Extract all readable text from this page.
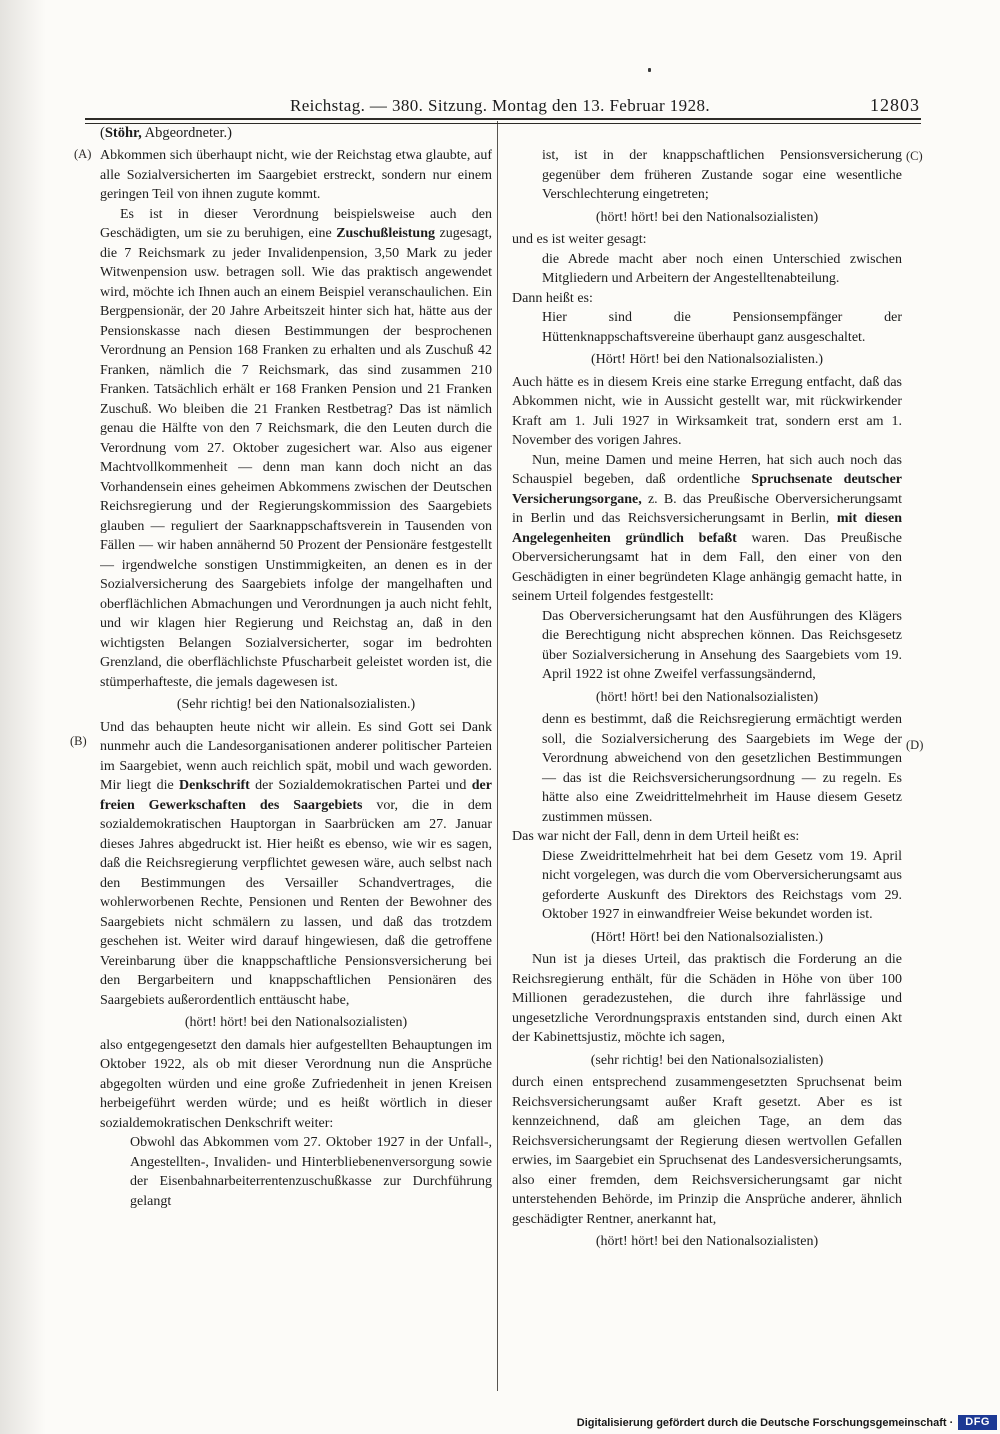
Reichstag. — 380. Sitzung. Montag den 13. Februar 1928.	12803
(Stöhr, Abgeordneter.)
(A)
(B)
(C)
(D)

Abkommen sich überhaupt nicht, wie der Reichstag etwa glaubte, auf alle Sozialversicherten im Saargebiet erstreckt, sondern nur einem geringen Teil von ihnen zugute kommt.

Es ist in dieser Verordnung beispielsweise auch den Geschädigten, um sie zu beruhigen, eine Zuschußleistung zugesagt, die 7 Reichsmark zu jeder Invalidenpension, 3,50 Mark zu jeder Witwenpension usw. betragen soll. Wie das praktisch angewendet wird, möchte ich Ihnen auch an einem Beispiel veranschaulichen. Ein Bergpensionär, der 20 Jahre Arbeitszeit hinter sich hat, hätte aus der Pensionskasse nach diesen Bestimmungen der besprochenen Verordnung an Pension 168 Franken zu erhalten und als Zuschuß 42 Franken, nämlich die 7 Reichsmark, das sind zusammen 210 Franken. Tatsächlich erhält er 168 Franken Pension und 21 Franken Zuschuß. Wo bleiben die 21 Franken Restbetrag? Das ist nämlich genau die Hälfte von den 7 Reichsmark, die den Leuten durch die Verordnung vom 27. Oktober zugesichert war. Also aus eigener Machtvollkommenheit — denn man kann doch nicht an das Vorhandensein eines geheimen Abkommens zwischen der Deutschen Reichsregierung und der Regierungskommission des Saargebiets glauben — reguliert der Saarknappschaftsverein in Tausenden von Fällen — wir haben annähernd 50 Prozent der Pensionäre festgestellt — irgendwelche sonstigen Unstimmigkeiten, an denen es in der Sozialversicherung des Saargebiets infolge der mangelhaften und oberflächlichen Abmachungen und Verordnungen ja auch nicht fehlt, und wir klagen hier Regierung und Reichstag an, daß in den wichtigsten Belangen Sozialversicherter, sogar im bedrohten Grenzland, die oberflächlichste Pfuscharbeit geleistet worden ist, die stümperhafteste, die jemals dagewesen ist.

(Sehr richtig! bei den Nationalsozialisten.)

Und das behaupten heute nicht wir allein. Es sind Gott sei Dank nunmehr auch die Landesorganisationen anderer politischer Parteien im Saargebiet, wenn auch reichlich spät, mobil und wach geworden. Mir liegt die Denkschrift der Sozialdemokratischen Partei und der freien Gewerkschaften des Saargebiets vor, die in dem sozialdemokratischen Hauptorgan in Saarbrücken am 27. Januar dieses Jahres abgedruckt ist. Hier heißt es ebenso, wie wir es sagen, daß die Reichsregierung verpflichtet gewesen wäre, auch selbst nach den Bestimmungen des Versailler Schandvertrages, die wohlerworbenen Rechte, Pensionen und Renten der Bewohner des Saargebiets nicht schmälern zu lassen, und daß das trotzdem geschehen ist. Weiter wird darauf hingewiesen, daß die getroffene Vereinbarung über die knappschaftliche Pensionsversicherung bei den Bergarbeitern und knappschaftlichen Pensionären des Saargebiets außerordentlich enttäuscht habe,

(hört! hört! bei den Nationalsozialisten)

also entgegengesetzt den damals hier aufgestellten Behauptungen im Oktober 1922, als ob mit dieser Verordnung nun die Ansprüche abgegolten würden und eine große Zufriedenheit in jenen Kreisen herbeigeführt werden würde; und es heißt wörtlich in dieser sozialdemokratischen Denkschrift weiter:

Obwohl das Abkommen vom 27. Oktober 1927 in der Unfall-, Angestellten-, Invaliden- und Hinterbliebenenversorgung sowie der Eisenbahnarbeiterrentenzuschußkasse zur Durchführung gelangt

ist, ist in der knappschaftlichen Pensionsversicherung gegenüber dem früheren Zustande sogar eine wesentliche Verschlechterung eingetreten;

(hört! hört! bei den Nationalsozialisten)

und es ist weiter gesagt:

die Abrede macht aber noch einen Unterschied zwischen Mitgliedern und Arbeitern der Angestelltenabteilung.

Dann heißt es:

Hier sind die Pensionsempfänger der Hüttenknappschaftsvereine überhaupt ganz ausgeschaltet.

(Hört! Hört! bei den Nationalsozialisten.)

Auch hätte es in diesem Kreis eine starke Erregung entfacht, daß das Abkommen nicht, wie in Aussicht gestellt war, mit rückwirkender Kraft am 1. Juli 1927 in Wirksamkeit trat, sondern erst am 1. November des vorigen Jahres.

Nun, meine Damen und meine Herren, hat sich auch noch das Schauspiel begeben, daß ordentliche Spruchsenate deutscher Versicherungsorgane, z. B. das Preußische Oberversicherungsamt in Berlin und das Reichsversicherungsamt in Berlin, mit diesen Angelegenheiten gründlich befaßt waren. Das Preußische Oberversicherungsamt hat in dem Fall, den einer von den Geschädigten in einer begründeten Klage anhängig gemacht hatte, in seinem Urteil folgendes festgestellt:

Das Oberversicherungsamt hat den Ausführungen des Klägers die Berechtigung nicht absprechen können. Das Reichsgesetz über Sozialversicherung in Ansehung des Saargebiets vom 19. April 1922 ist ohne Zweifel verfassungsändernd,

(hört! hört! bei den Nationalsozialisten)

denn es bestimmt, daß die Reichsregierung ermächtigt werden soll, die Sozialversicherung des Saargebiets im Wege der Verordnung abweichend von den gesetzlichen Bestimmungen — das ist die Reichsversicherungsordnung — zu regeln. Es hätte also eine Zweidrittelmehrheit im Hause diesem Gesetz zustimmen müssen.

Das war nicht der Fall, denn in dem Urteil heißt es:

Diese Zweidrittelmehrheit hat bei dem Gesetz vom 19. April nicht vorgelegen, was durch die vom Oberversicherungsamt aus geforderte Auskunft des Direktors des Reichstags vom 29. Oktober 1927 in einwandfreier Weise bekundet worden ist.

(Hört! Hört! bei den Nationalsozialisten.)

Nun ist ja dieses Urteil, das praktisch die Forderung an die Reichsregierung enthält, für die Schäden in Höhe von über 100 Millionen geradezustehen, die durch ihre fahrlässige und ungesetzliche Verordnungspraxis entstanden sind, durch einen Akt der Kabinettsjustiz, möchte ich sagen,

(sehr richtig! bei den Nationalsozialisten)

durch einen entsprechend zusammengesetzten Spruchsenat beim Reichsversicherungsamt außer Kraft gesetzt. Aber es ist kennzeichnend, daß am gleichen Tage, an dem das Reichsversicherungsamt der Regierung diesen wertvollen Gefallen erwies, im Saargebiet ein Spruchsenat des Landesversicherungsamts, also einer fremden, dem Reichsversicherungsamt gar nicht unterstehenden Behörde, im Prinzip die Ansprüche anderer, ähnlich geschädigter Rentner, anerkannt hat,

(hört! hört! bei den Nationalsozialisten)

Digitalisierung gefördert durch die Deutsche Forschungsgemeinschaft ·	DFG
